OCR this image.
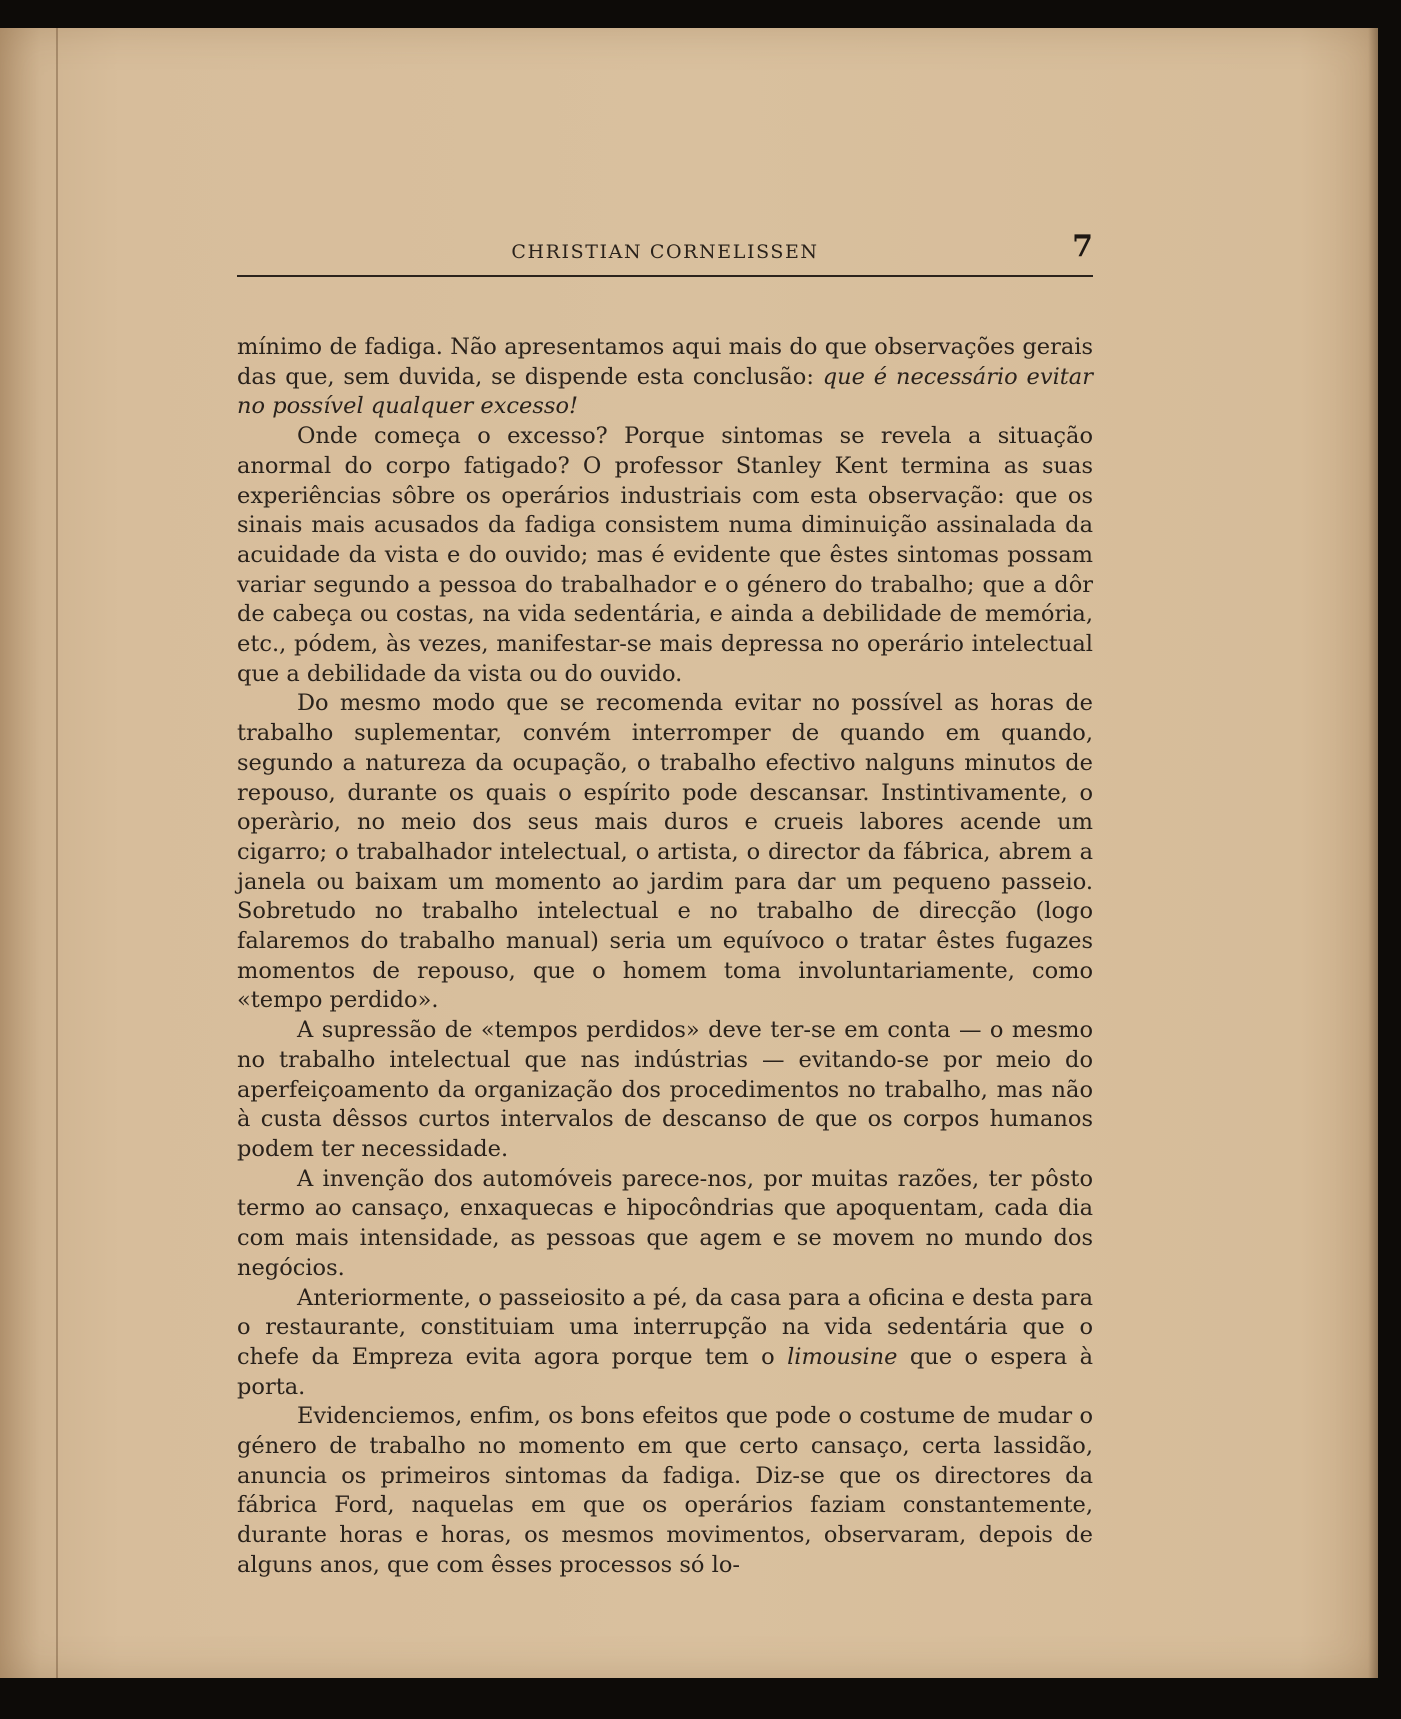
CHRISTIAN CORNELISSEN	7

mínimo de fadiga. Não apresentamos aqui mais do que observações gerais das que, sem duvida, se dispende esta conclusão: que é necessário evitar no possível qualquer excesso!

Onde começa o excesso? Porque sintomas se revela a situação anormal do corpo fatigado? O professor Stanley Kent termina as suas experiências sôbre os operários industriais com esta observação: que os sinais mais acusados da fadiga consistem numa diminuição assinalada da acuidade da vista e do ouvido; mas é evidente que êstes sintomas possam variar segundo a pessoa do trabalhador e o género do trabalho; que a dôr de cabeça ou costas, na vida sedentária, e ainda a debilidade de memória, etc., pódem, às vezes, manifestar-se mais depressa no operário intelectual que a debilidade da vista ou do ouvido.

Do mesmo modo que se recomenda evitar no possível as horas de trabalho suplementar, convém interromper de quando em quando, segundo a natureza da ocupação, o trabalho efectivo nalguns minutos de repouso, durante os quais o espírito pode descansar. Instintivamente, o operàrio, no meio dos seus mais duros e crueis labores acende um cigarro; o trabalhador intelectual, o artista, o director da fábrica, abrem a janela ou baixam um momento ao jardim para dar um pequeno passeio. Sobretudo no trabalho intelectual e no trabalho de direcção (logo falaremos do trabalho manual) seria um equívoco o tratar êstes fugazes momentos de repouso, que o homem toma involuntariamente, como «tempo perdido».

A supressão de «tempos perdidos» deve ter-se em conta — o mesmo no trabalho intelectual que nas indústrias — evitando-se por meio do aperfeiçoamento da organização dos procedimentos no trabalho, mas não à custa dêssos curtos intervalos de descanso de que os corpos humanos podem ter necessidade.

A invenção dos automóveis parece-nos, por muitas razões, ter pôsto termo ao cansaço, enxaquecas e hipocôndrias que apoquentam, cada dia com mais intensidade, as pessoas que agem e se movem no mundo dos negócios.

Anteriormente, o passeiosito a pé, da casa para a oficina e desta para o restaurante, constituiam uma interrupção na vida sedentária que o chefe da Empreza evita agora porque tem o limousine que o espera à porta.

Evidenciemos, enfim, os bons efeitos que pode o costume de mudar o género de trabalho no momento em que certo cansaço, certa lassidão, anuncia os primeiros sintomas da fadiga. Diz-se que os directores da fábrica Ford, naquelas em que os operários faziam constantemente, durante horas e horas, os mesmos movimentos, observaram, depois de alguns anos, que com êsses processos só lo-
